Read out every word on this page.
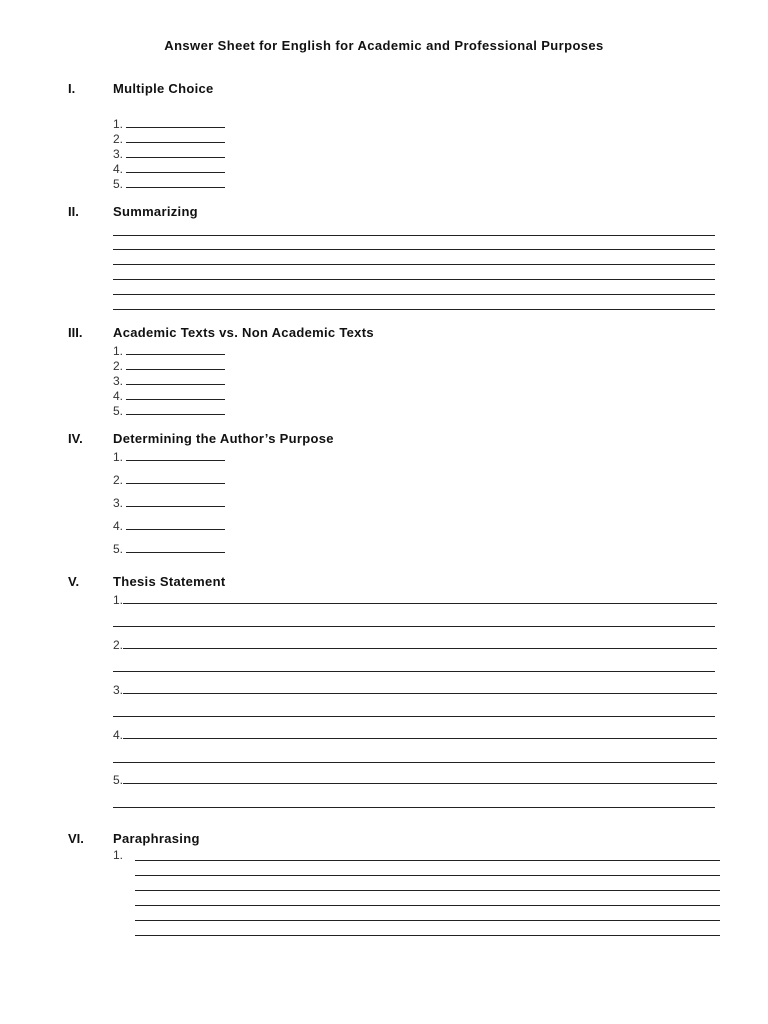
Answer Sheet for English for Academic and Professional Purposes
I.	Multiple Choice
1.
2.
3.
4.
5.
II.	Summarizing
III. Academic Texts vs. Non Academic Texts
1.
2.
3.
4.
5.
IV. Determining the Author’s Purpose
1.
2.
3.
4.
5.
V.	Thesis Statement
1.
2.
3.
4.
5.
VI. Paraphrasing
1.
